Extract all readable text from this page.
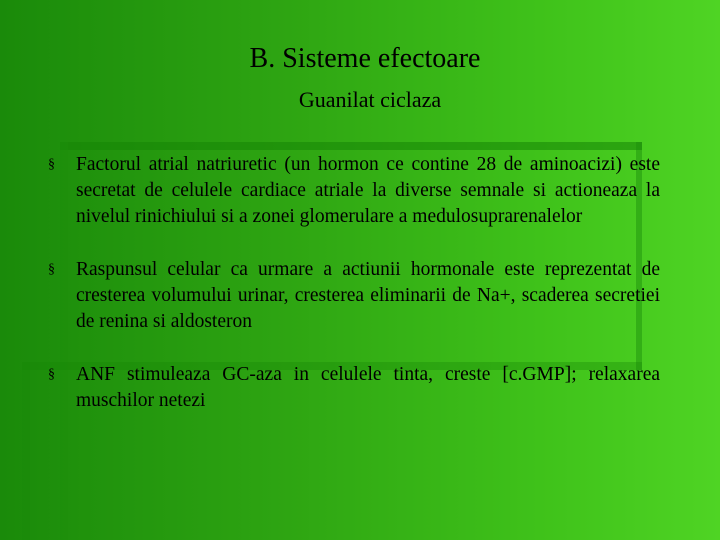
B. Sisteme efectoare
Guanilat ciclaza
§ Factorul atrial natriuretic (un hormon ce contine 28 de aminoacizi) este secretat de celulele cardiace atriale la diverse semnale si actioneaza la nivelul rinichiului si a zonei glomerulare a medulosuprarenalelor
§ Raspunsul celular ca urmare a actiunii hormonale este reprezentat de cresterea volumului urinar, cresterea eliminarii de Na+, scaderea secretiei de renina si aldosteron
§ ANF stimuleaza GC-aza in celulele tinta, creste [c.GMP]; relaxarea muschilor netezi
